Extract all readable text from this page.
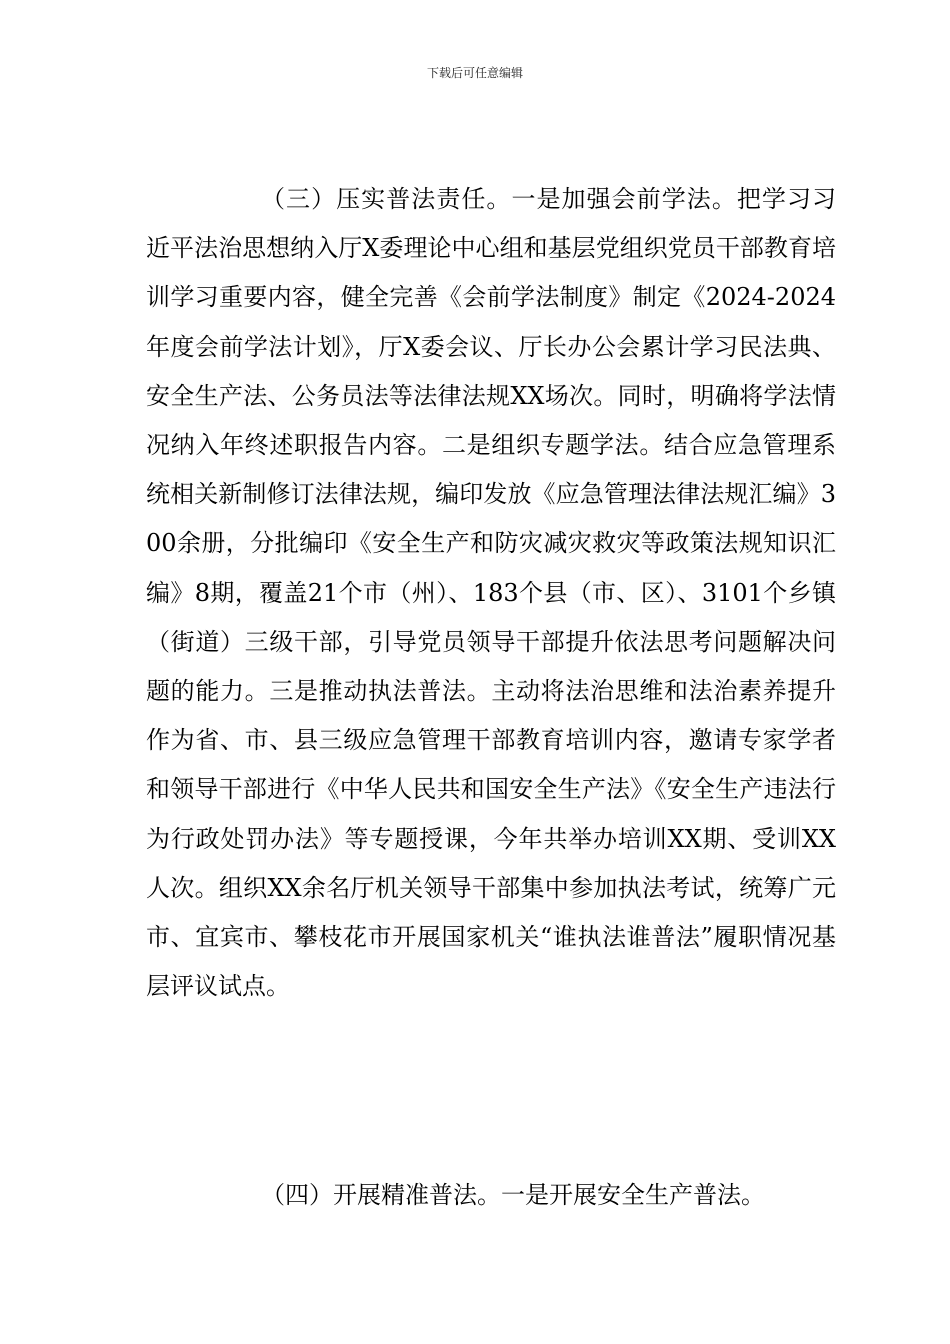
下载后可任意编辑

（三）压实普法责任。一是加强会前学法。把学习习近平法治思想纳入厅X委理论中心组和基层党组织党员干部教育培训学习重要内容，健全完善《会前学法制度》制定《2024-2024年度会前学法计划》，厅X委会议、厅长办公会累计学习民法典、安全生产法、公务员法等法律法规XX场次。同时，明确将学法情况纳入年终述职报告内容。二是组织专题学法。结合应急管理系统相关新制修订法律法规，编印发放《应急管理法律法规汇编》300余册，分批编印《安全生产和防灾减灾救灾等政策法规知识汇编》8期，覆盖21个市（州）、183个县（市、区）、3101个乡镇（街道）三级干部，引导党员领导干部提升依法思考问题解决问题的能力。三是推动执法普法。主动将法治思维和法治素养提升作为省、市、县三级应急管理干部教育培训内容，邀请专家学者和领导干部进行《中华人民共和国安全生产法》《安全生产违法行为行政处罚办法》等专题授课，今年共举办培训XX期、受训XX人次。组织XX余名厅机关领导干部集中参加执法考试，统筹广元市、宜宾市、攀枝花市开展国家机关“谁执法谁普法”履职情况基层评议试点。

（四）开展精准普法。一是开展安全生产普法。
